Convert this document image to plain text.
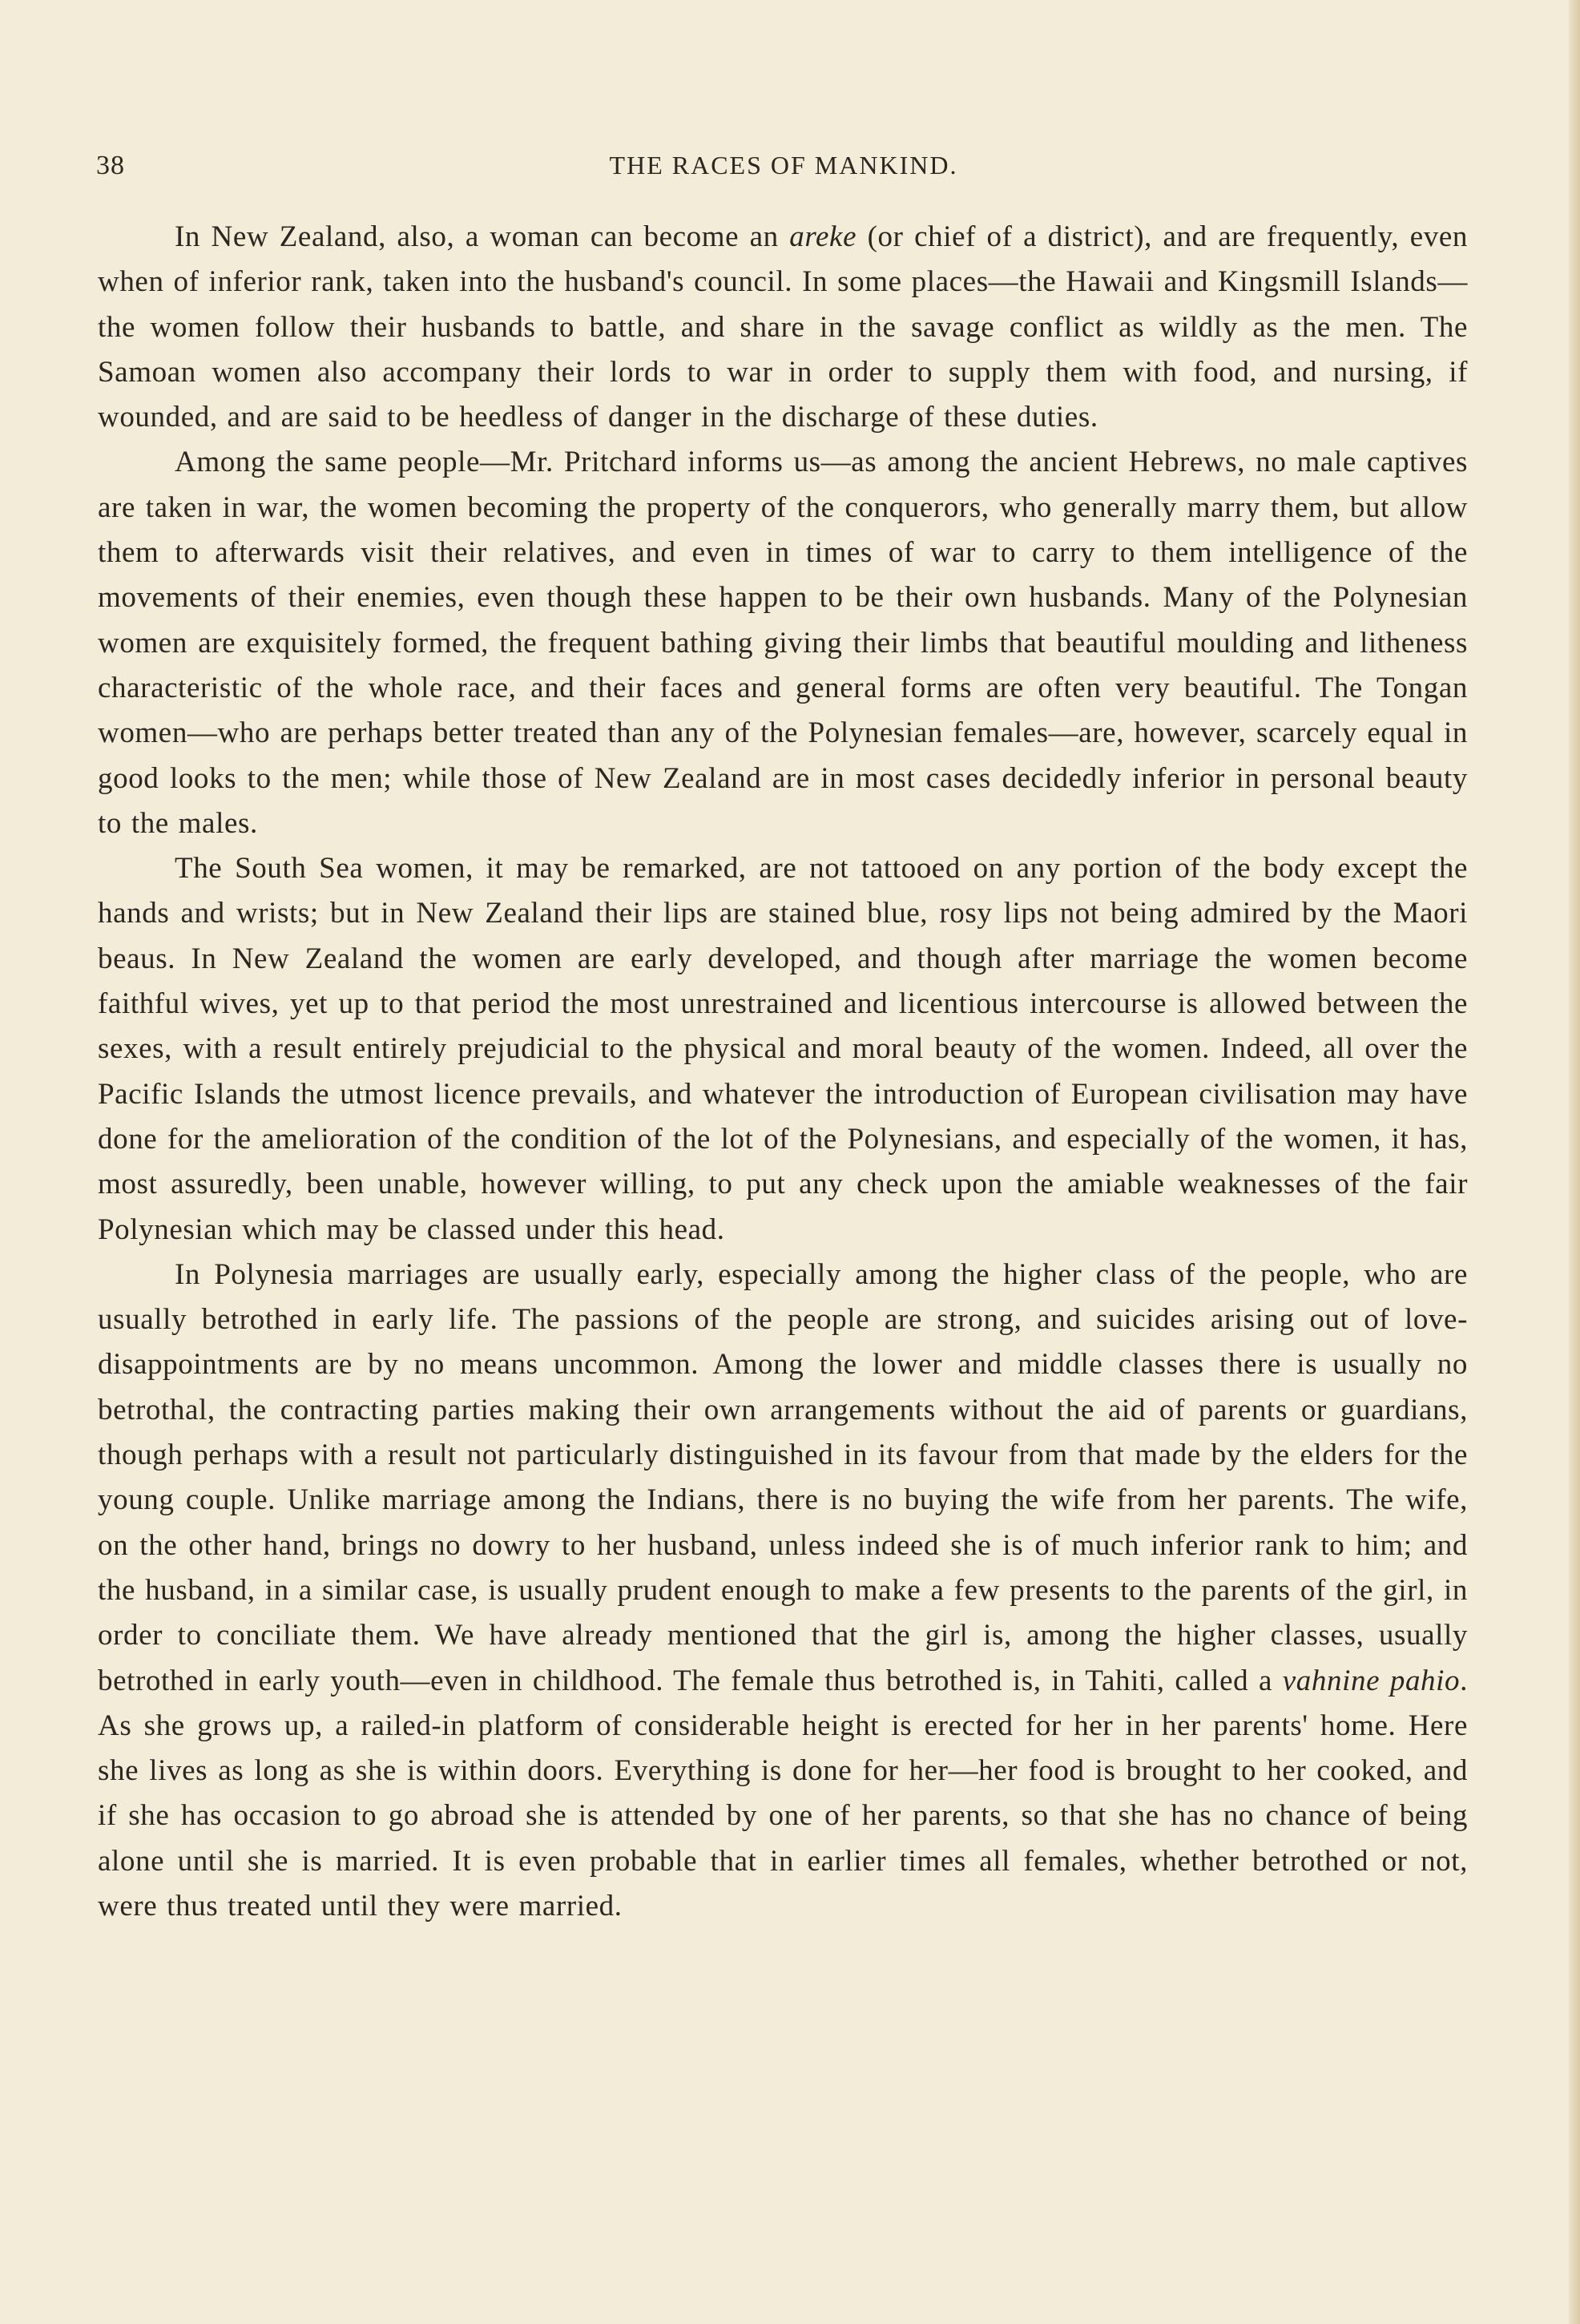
38	THE RACES OF MANKIND.

In New Zealand, also, a woman can become an areke (or chief of a district), and are frequently, even when of inferior rank, taken into the husband's council. In some places—the Hawaii and Kingsmill Islands—the women follow their husbands to battle, and share in the savage conflict as wildly as the men. The Samoan women also accompany their lords to war in order to supply them with food, and nursing, if wounded, and are said to be heedless of danger in the discharge of these duties.

Among the same people—Mr. Pritchard informs us—as among the ancient Hebrews, no male captives are taken in war, the women becoming the property of the conquerors, who generally marry them, but allow them to afterwards visit their relatives, and even in times of war to carry to them intelligence of the movements of their enemies, even though these happen to be their own husbands. Many of the Polynesian women are exquisitely formed, the frequent bathing giving their limbs that beautiful moulding and litheness characteristic of the whole race, and their faces and general forms are often very beautiful. The Tongan women—who are perhaps better treated than any of the Polynesian females—are, however, scarcely equal in good looks to the men; while those of New Zealand are in most cases decidedly inferior in personal beauty to the males.

The South Sea women, it may be remarked, are not tattooed on any portion of the body except the hands and wrists; but in New Zealand their lips are stained blue, rosy lips not being admired by the Maori beaus. In New Zealand the women are early developed, and though after marriage the women become faithful wives, yet up to that period the most unrestrained and licentious intercourse is allowed between the sexes, with a result entirely prejudicial to the physical and moral beauty of the women. Indeed, all over the Pacific Islands the utmost licence prevails, and whatever the introduction of European civilisation may have done for the amelioration of the condition of the lot of the Polynesians, and especially of the women, it has, most assuredly, been unable, however willing, to put any check upon the amiable weaknesses of the fair Polynesian which may be classed under this head.

In Polynesia marriages are usually early, especially among the higher class of the people, who are usually betrothed in early life. The passions of the people are strong, and suicides arising out of love-disappointments are by no means uncommon. Among the lower and middle classes there is usually no betrothal, the contracting parties making their own arrangements without the aid of parents or guardians, though perhaps with a result not particularly distinguished in its favour from that made by the elders for the young couple. Unlike marriage among the Indians, there is no buying the wife from her parents. The wife, on the other hand, brings no dowry to her husband, unless indeed she is of much inferior rank to him; and the husband, in a similar case, is usually prudent enough to make a few presents to the parents of the girl, in order to conciliate them. We have already mentioned that the girl is, among the higher classes, usually betrothed in early youth—even in childhood. The female thus betrothed is, in Tahiti, called a vahnine pahio. As she grows up, a railed-in platform of considerable height is erected for her in her parents' home. Here she lives as long as she is within doors. Everything is done for her—her food is brought to her cooked, and if she has occasion to go abroad she is attended by one of her parents, so that she has no chance of being alone until she is married. It is even probable that in earlier times all females, whether betrothed or not, were thus treated until they were married.
